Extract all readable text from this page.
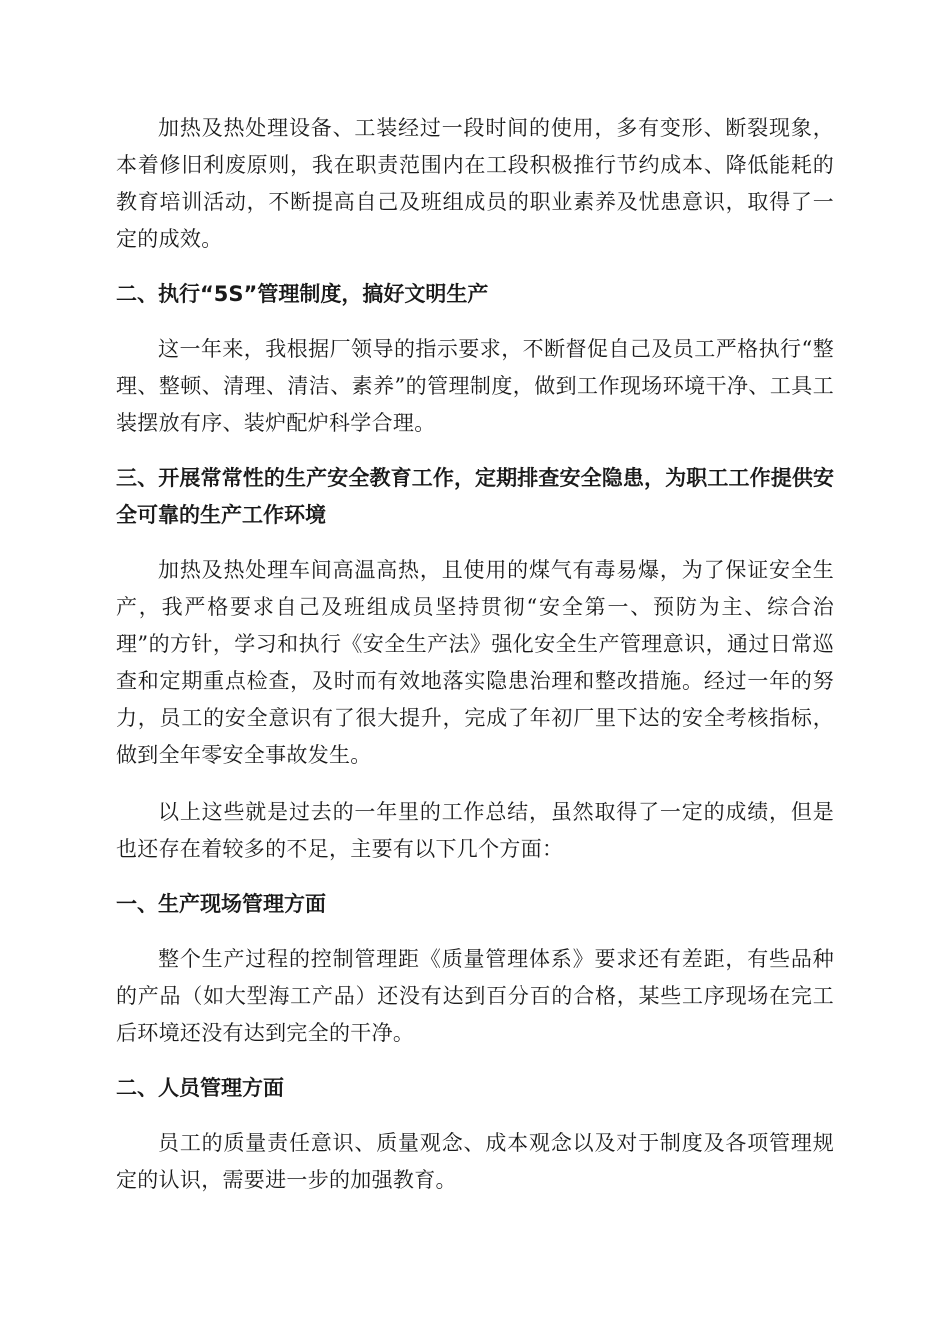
加热及热处理设备、工装经过一段时间的使用，多有变形、断裂现象，本着修旧利废原则，我在职责范围内在工段积极推行节约成本、降低能耗的教育培训活动，不断提高自己及班组成员的职业素养及忧患意识，取得了一定的成效。

二、执行“5S”管理制度，搞好文明生产

这一年来，我根据厂领导的指示要求，不断督促自己及员工严格执行“整理、整顿、清理、清洁、素养”的管理制度，做到工作现场环境干净、工具工装摆放有序、装炉配炉科学合理。

三、开展常常性的生产安全教育工作，定期排查安全隐患，为职工工作提供安全可靠的生产工作环境

加热及热处理车间高温高热，且使用的煤气有毒易爆，为了保证安全生产，我严格要求自己及班组成员坚持贯彻“安全第一、预防为主、综合治理”的方针，学习和执行《安全生产法》强化安全生产管理意识，通过日常巡查和定期重点检查，及时而有效地落实隐患治理和整改措施。经过一年的努力，员工的安全意识有了很大提升，完成了年初厂里下达的安全考核指标，做到全年零安全事故发生。

以上这些就是过去的一年里的工作总结，虽然取得了一定的成绩，但是也还存在着较多的不足，主要有以下几个方面：

一、生产现场管理方面

整个生产过程的控制管理距《质量管理体系》要求还有差距，有些品种的产品（如大型海工产品）还没有达到百分百的合格，某些工序现场在完工后环境还没有达到完全的干净。

二、人员管理方面

员工的质量责任意识、质量观念、成本观念以及对于制度及各项管理规定的认识，需要进一步的加强教育。
